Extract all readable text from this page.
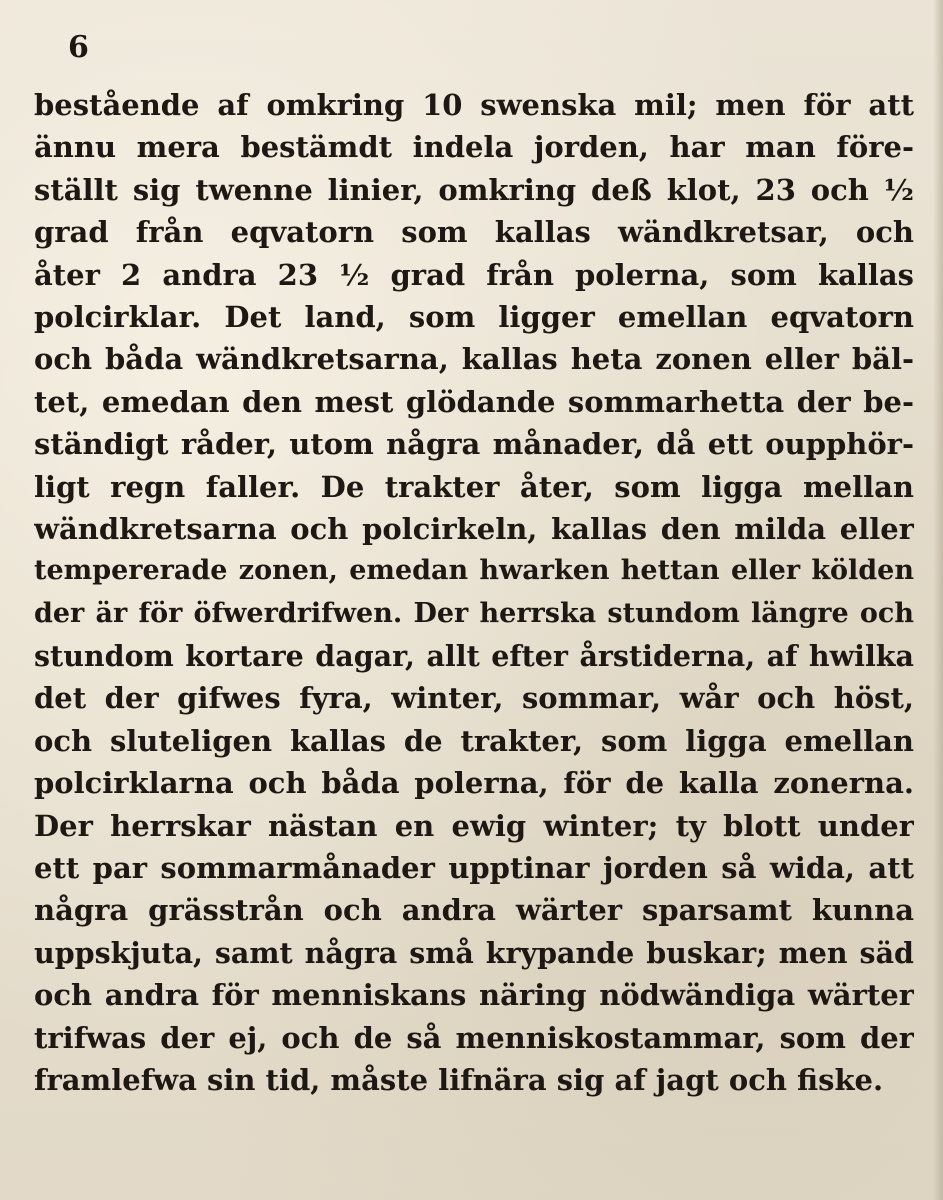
6
bestående af omkring 10 swenska mil; men för att
ännu mera bestämdt indela jorden, har man före-
ställt sig twenne linier, omkring deß klot, 23 och ½
grad från eqvatorn som kallas wändkretsar, och
åter 2 andra 23 ½ grad från polerna, som kallas
polcirklar. Det land, som ligger emellan eqvatorn
och båda wändkretsarna, kallas heta zonen eller bäl-
tet, emedan den mest glödande sommarhetta der be-
ständigt råder, utom några månader, då ett oupphör-
ligt regn faller. De trakter åter, som ligga mellan
wändkretsarna och polcirkeln, kallas den milda eller
tempererade zonen, emedan hwarken hettan eller kölden
der är för öfwerdrifwen. Der herrska stundom längre och
stundom kortare dagar, allt efter årstiderna, af hwilka
det der gifwes fyra, winter, sommar, wår och höst,
och sluteligen kallas de trakter, som ligga emellan
polcirklarna och båda polerna, för de kalla zonerna.
Der herrskar nästan en ewig winter; ty blott under
ett par sommarmånader upptinar jorden så wida, att
några grässtrån och andra wärter sparsamt kunna
uppskjuta, samt några små krypande buskar; men säd
och andra för menniskans näring nödwändiga wärter
trifwas der ej, och de så menniskostammar, som der
framlefwa sin tid, måste lifnära sig af jagt och fiske.
